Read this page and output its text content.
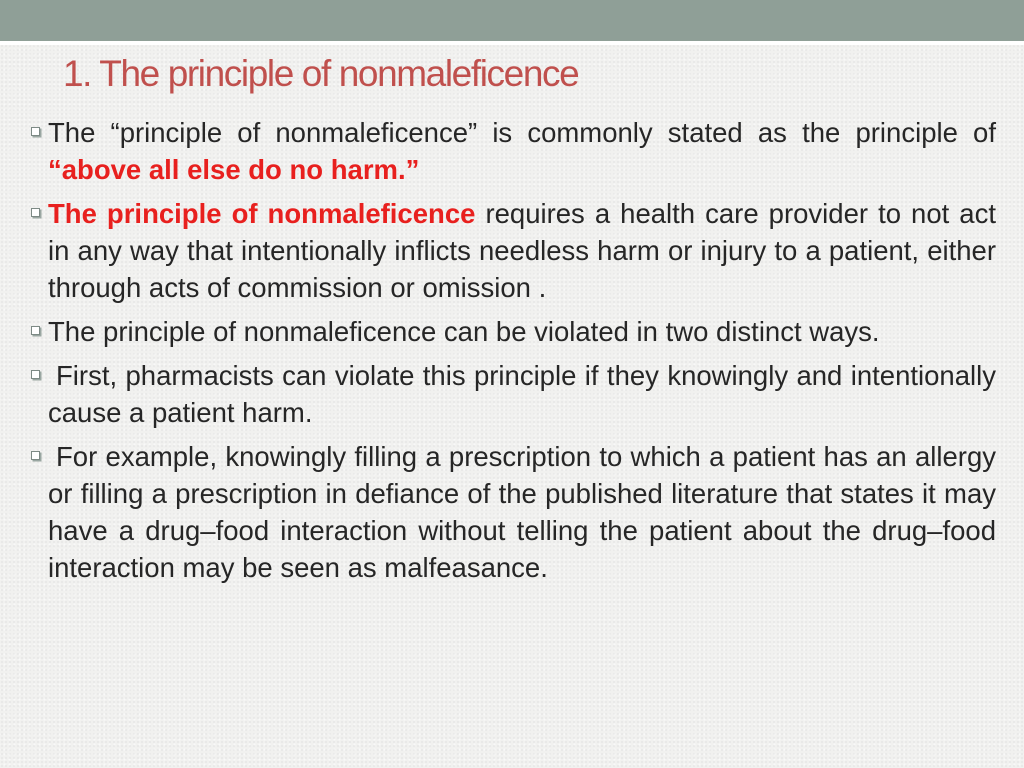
1. The principle of nonmaleficence

The “principle of nonmaleficence” is commonly stated as the principle of “above all else do no harm.”

The principle of nonmaleficence requires a health care provider to not act in any way that intentionally inflicts needless harm or injury to a patient, either through acts of commission or omission .

The principle of nonmaleficence can be violated in two distinct ways.

First, pharmacists can violate this principle if they knowingly and intentionally cause a patient harm.

For example, knowingly filling a prescription to which a patient has an allergy or filling a prescription in defiance of the published literature that states it may have a drug–food interaction without telling the patient about the drug–food interaction may be seen as malfeasance.
